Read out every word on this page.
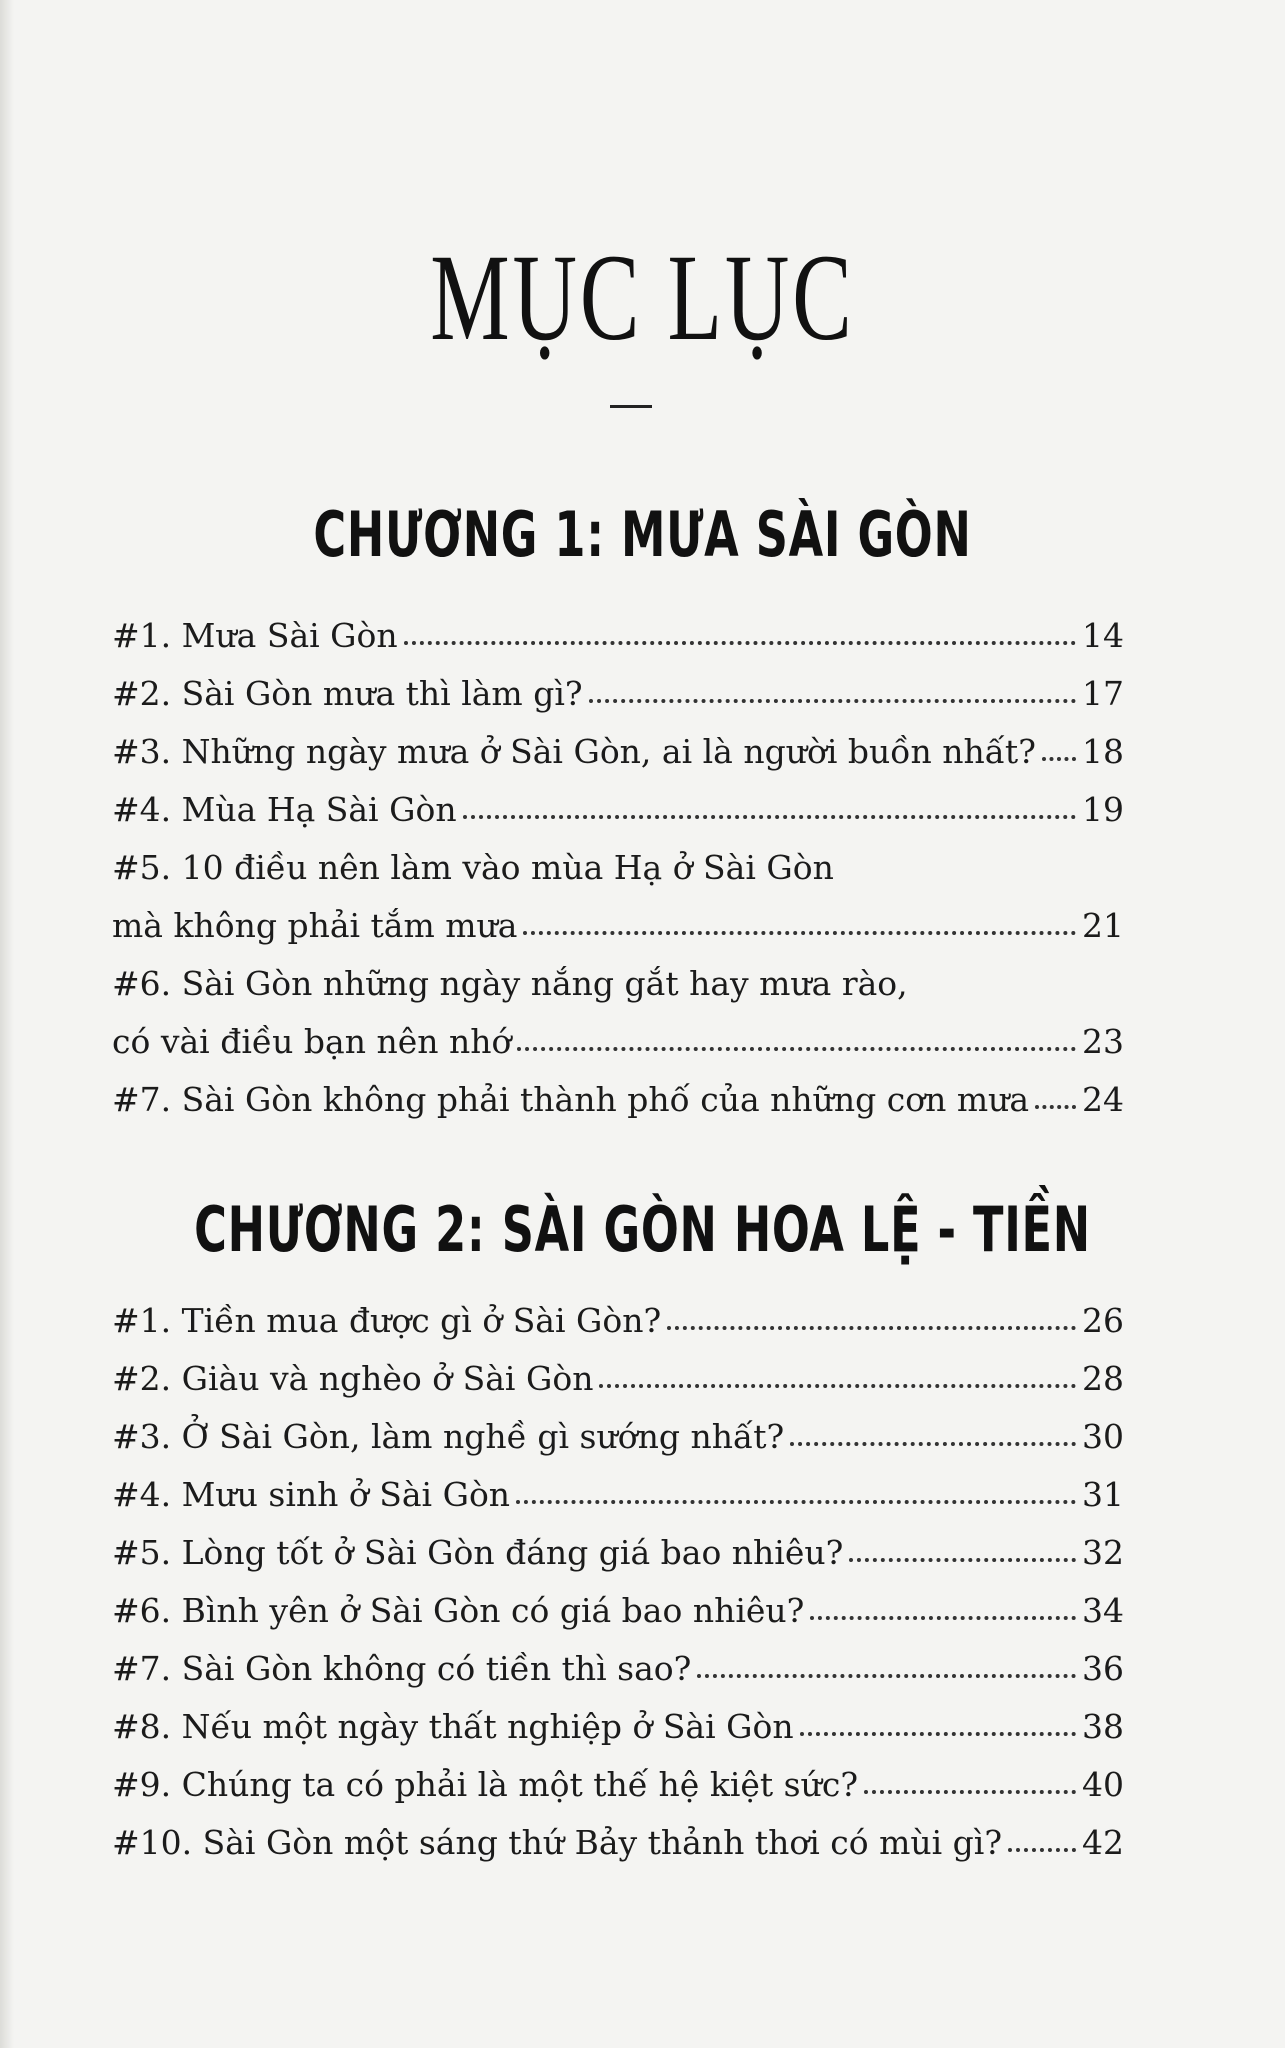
MỤC LỤC
CHƯƠNG 1: MƯA SÀI GÒN
#1. Mưa Sài Gòn	14
#2. Sài Gòn mưa thì làm gì?	17
#3. Những ngày mưa ở Sài Gòn, ai là người buồn nhất? 18
#4. Mùa Hạ Sài Gòn	19
#5. 10 điều nên làm vào mùa Hạ ở Sài Gòn
mà không phải tắm mưa	21
#6. Sài Gòn những ngày nắng gắt hay mưa rào,
có vài điều bạn nên nhớ	23
#7. Sài Gòn không phải thành phố của những cơn mưa 24
CHƯƠNG 2: SÀI GÒN HOA LỆ - TIỀN
#1. Tiền mua được gì ở Sài Gòn?	26
#2. Giàu và nghèo ở Sài Gòn	28
#3. Ở Sài Gòn, làm nghề gì sướng nhất?	30
#4. Mưu sinh ở Sài Gòn	31
#5. Lòng tốt ở Sài Gòn đáng giá bao nhiêu?	32
#6. Bình yên ở Sài Gòn có giá bao nhiêu?	34
#7. Sài Gòn không có tiền thì sao?	36
#8. Nếu một ngày thất nghiệp ở Sài Gòn	38
#9. Chúng ta có phải là một thế hệ kiệt sức?	40
#10. Sài Gòn một sáng thứ Bảy thảnh thơi có mùi gì? 42
